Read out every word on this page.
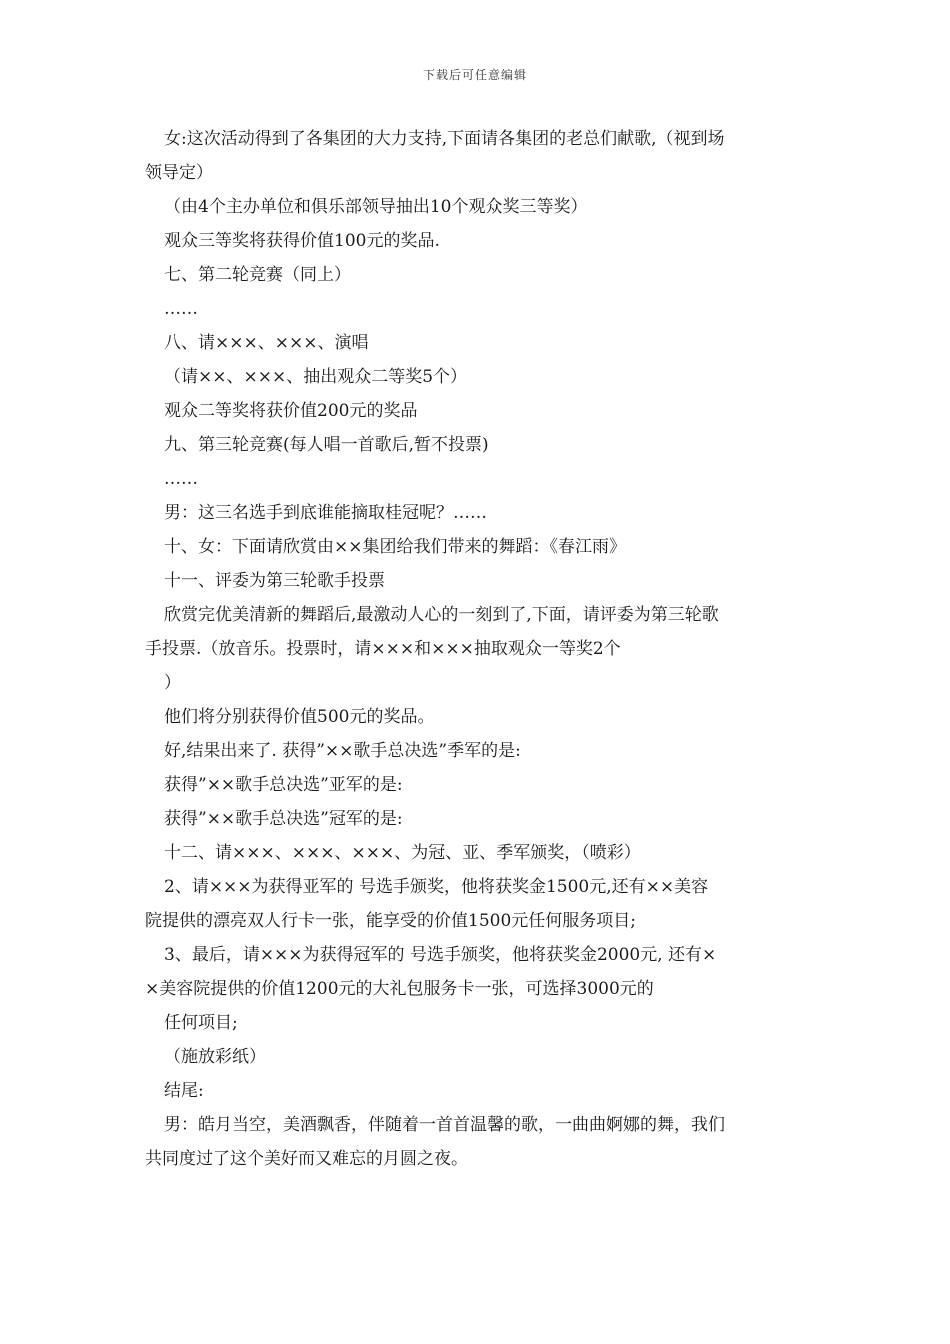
下载后可任意编辑
女:这次活动得到了各集团的大力支持,下面请各集团的老总们献歌,（视到场
领导定）
（由4个主办单位和俱乐部领导抽出10个观众奖三等奖）
观众三等奖将获得价值100元的奖品.
七、第二轮竞赛（同上）
……
八、请×××、×××、演唱
（请××、×××、抽出观众二等奖5个）
观众二等奖将获价值200元的奖品
九、第三轮竞赛(每人唱一首歌后,暂不投票)
……
男：这三名选手到底谁能摘取桂冠呢？……
十、女：下面请欣赏由××集团给我们带来的舞蹈：《春江雨》
十一、评委为第三轮歌手投票
欣赏完优美清新的舞蹈后,最激动人心的一刻到了,下面，请评委为第三轮歌
手投票.（放音乐。投票时，请×××和×××抽取观众一等奖2个
）
他们将分别获得价值500元的奖品。
好,结果出来了. 获得”××歌手总决选”季军的是:
获得”××歌手总决选”亚军的是:
获得”××歌手总决选”冠军的是:
十二、请×××、×××、×××、为冠、亚、季军颁奖，（喷彩）
2、请×××为获得亚军的 号选手颁奖，他将获奖金1500元,还有××美容
院提供的漂亮双人行卡一张，能享受的价值1500元任何服务项目;
3、最后，请×××为获得冠军的 号选手颁奖，他将获奖金2000元, 还有×
×美容院提供的价值1200元的大礼包服务卡一张，可选择3000元的
任何项目;
（施放彩纸）
结尾:
男：皓月当空，美酒飘香，伴随着一首首温馨的歌，一曲曲婀娜的舞，我们
共同度过了这个美好而又难忘的月圆之夜。
